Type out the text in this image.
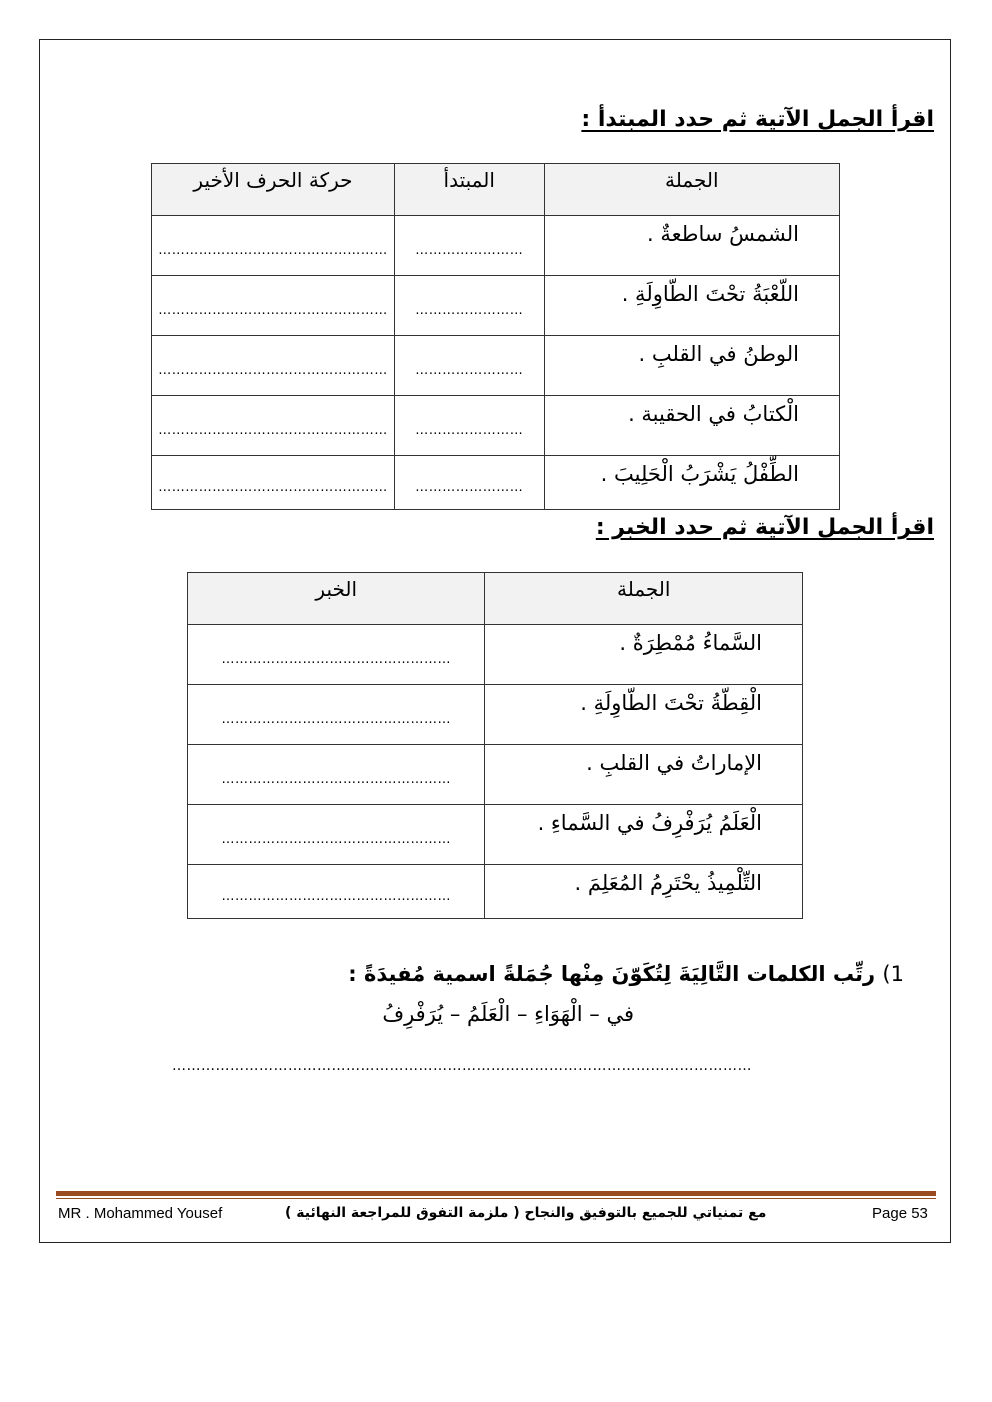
اقرأ الجمل الآتية ثم حدد المبتدأ :
الجملة	المبتدأ	حركة الحرف الأخير
الشمسُ ساطعةٌ .	……………………	……………………………………………
اللّعْبَةُ تحْتَ الطّاوِلَةِ .	……………………	……………………………………………
الوطنُ في القلبِ .	……………………	……………………………………………
الْكتابُ في الحقيبة .	……………………	……………………………………………
الطِّفْلُ يَشْرَبُ الْحَلِيبَ .	……………………	……………………………………………
اقرأ الجمل الآتية ثم حدد الخبر :
الجملة	الخبر
السَّماءُ مُمْطِرَةٌ .	……………………………………………
الْقِطّةُ تحْتَ الطّاوِلَةِ .	……………………………………………
الإماراتُ في القلبِ .	……………………………………………
الْعَلَمُ يُرَفْرِفُ في السَّماءِ .	……………………………………………
التِّلْمِيذُ يحْتَرِمُ المُعَلِمَ .	……………………………………………
1) رتِّب الكلمات التَّالِيَةَ لِتُكَوّنَ مِنْها جُمَلةً اسمية مُفيدَةً :
في – الْهَوَاءِ – الْعَلَمُ – يُرَفْرِفُ
…………………………………………………………………………………………………………
MR . Mohammed Yousef	مع تمنياتي للجميع بالتوفيق والنجاح ( ملزمة التفوق للمراجعة النهائية )	Page 53
